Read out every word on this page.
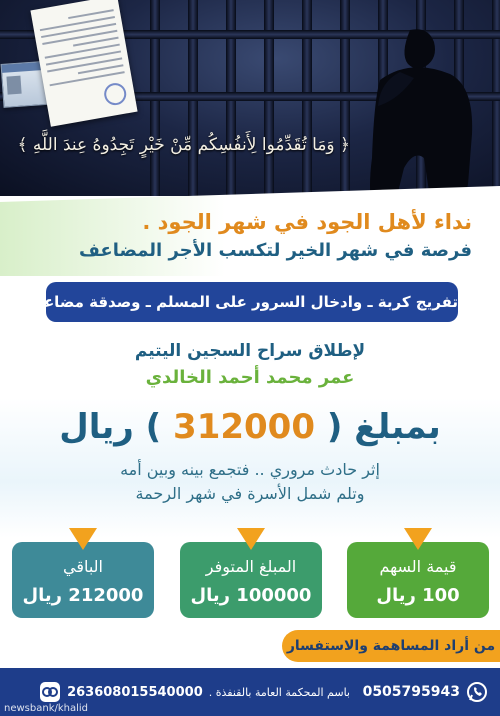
﴿ وَمَا تُقَدِّمُوا لِأَنفُسِكُم مِّنْ خَيْرٍ تَجِدُوهُ عِندَ اللَّهِ ﴾
نداء لأهل الجود في شهر الجود .
فرصة في شهر الخير لتكسب الأجر المضاعف
تفريج كربة ـ وادخال السرور على المسلم ـ وصدقة مضاعفة
لإطلاق سراح السجين اليتيم
عمر محمد أحمد الخالدي
بمبلغ ( 312000 ) ريال
إثر حادث مروري .. فتجمع بينه وبين أمه
وتلم شمل الأسرة في شهر الرحمة
قيمة السهم
100 ريال
المبلغ المتوفر
100000 ريال
الباقي
212000 ريال
من أراد المساهمة والاستفسار
0505795943
باسم المحكمة العامة بالقنفذة .
263608015540000
newsbank/khalid
